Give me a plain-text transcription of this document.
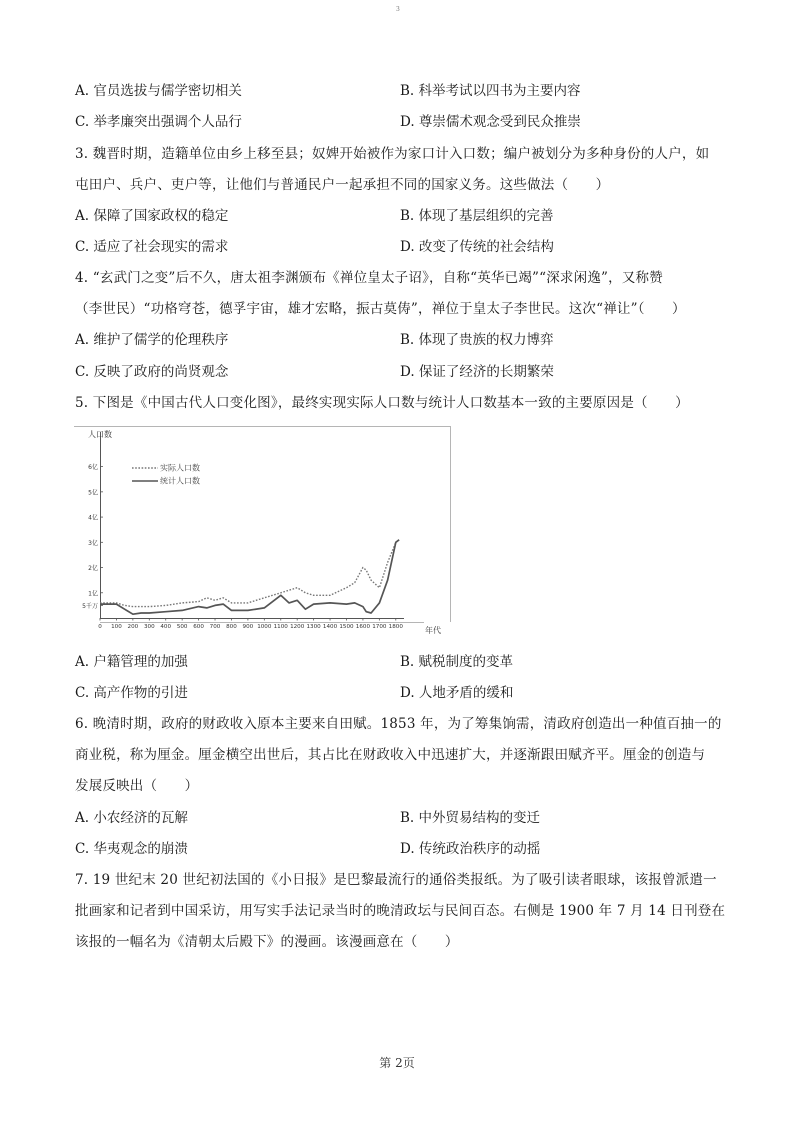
3
A. 官员选拔与儒学密切相关	B. 科举考试以四书为主要内容
C. 举孝廉突出强调个人品行	D. 尊崇儒术观念受到民众推崇
3. 魏晋时期，造籍单位由乡上移至县；奴婢开始被作为家口计入口数；编户被划分为多种身份的人户，如
屯田户、兵户、吏户等，让他们与普通民户一起承担不同的国家义务。这些做法（　　）
A. 保障了国家政权的稳定	B. 体现了基层组织的完善
C. 适应了社会现实的需求	D. 改变了传统的社会结构
4. “玄武门之变”后不久，唐太祖李渊颁布《禅位皇太子诏》，自称“英华已竭”“深求闲逸”，又称赞
（李世民）“功格穹苍，德孚宇宙，雄才宏略，振古莫俦”，禅位于皇太子李世民。这次“禅让”（　　）
A. 维护了儒学的伦理秩序	B. 体现了贵族的权力博弈
C. 反映了政府的尚贤观念	D. 保证了经济的长期繁荣
5. 下图是《中国古代人口变化图》，最终实现实际人口数与统计人口数基本一致的主要原因是（　　）
人口数
年代
5千万
1亿
2亿
3亿
4亿
5亿
6亿
0 100 200 300 400 500 600 700 800 900 1000 1100 1200 1300 1400 1500 1600 1700 1800
实际人口数
统计人口数
A. 户籍管理的加强	B. 赋税制度的变革
C. 高产作物的引进	D. 人地矛盾的缓和
6. 晚清时期，政府的财政收入原本主要来自田赋。1853 年，为了筹集饷需，清政府创造出一种值百抽一的
商业税，称为厘金。厘金横空出世后，其占比在财政收入中迅速扩大，并逐渐跟田赋齐平。厘金的创造与
发展反映出（　　）
A. 小农经济的瓦解	B. 中外贸易结构的变迁
C. 华夷观念的崩溃	D. 传统政治秩序的动摇
7. 19 世纪末 20 世纪初法国的《小日报》是巴黎最流行的通俗类报纸。为了吸引读者眼球，该报曾派遣一
批画家和记者到中国采访，用写实手法记录当时的晚清政坛与民间百态。右侧是 1900 年 7 月 14 日刊登在
该报的一幅名为《清朝太后殿下》的漫画。该漫画意在（　　）
第 2页
